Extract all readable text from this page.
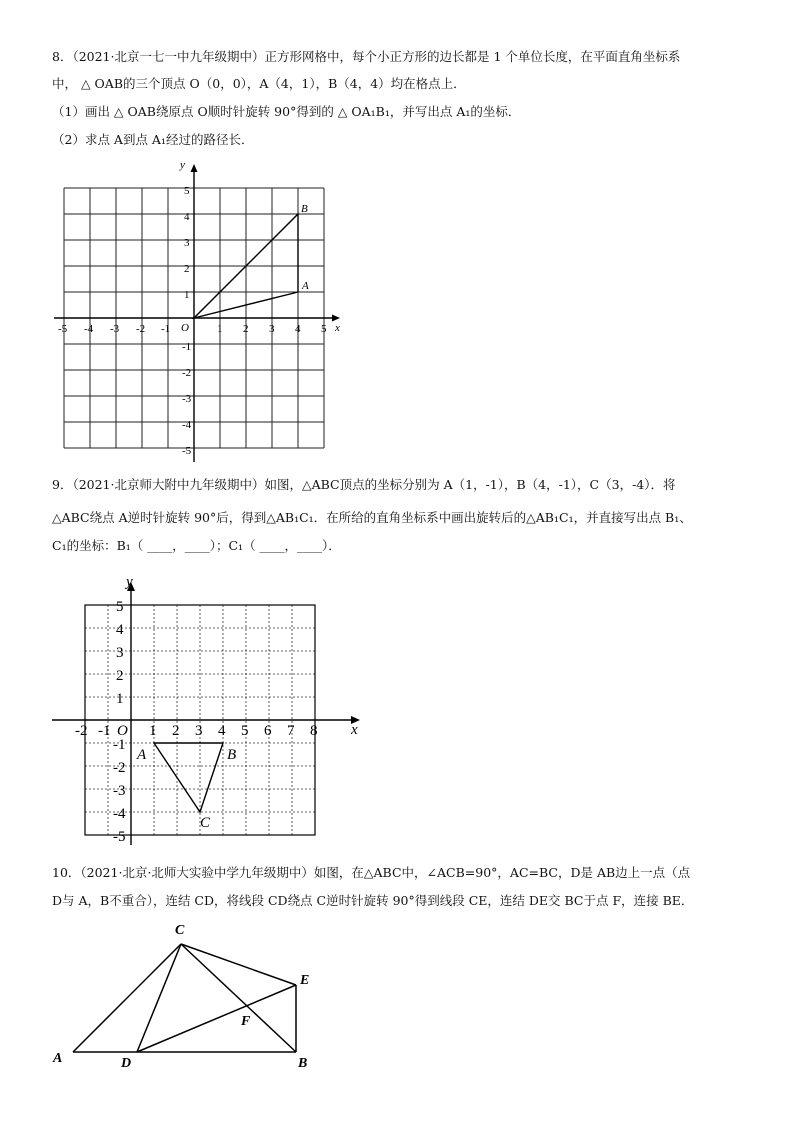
8．（2021·北京一七一中九年级期中）正方形网格中，每个小正方形的边长都是 1 个单位长度，在平面直角坐标系
中， △ OAB的三个顶点 O（0，0），A（4，1），B（4，4）均在格点上．
（1）画出 △ OAB绕原点 O顺时针旋转 90°得到的 △ OA₁B₁，并写出点 A₁的坐标．
（2）求点 A到点 A₁经过的路径长．
y
x
O
B
A
-5 -4 -3 -2 -1	1 2 3 4 5
5
4
3
2
1
-1
-2
-3
-4
-5
9．（2021·北京师大附中九年级期中）如图，△ABC顶点的坐标分别为 A（1，-1），B（4，-1），C（3，-4）．将
△ABC绕点 A逆时针旋转 90°后，得到△AB₁C₁．在所给的直角坐标系中画出旋转后的△AB₁C₁，并直接写出点 B₁、
C₁的坐标：B₁（ ____，____）；C₁（ ____，____）．
y
x
O
A	B
C
-2 -1	1 2 3 4 5 6 7 8
5
4
3
2
1
-1
-2
-3
-4
-5
10．（2021·北京·北师大实验中学九年级期中）如图，在△ABC中，∠ACB=90°，AC=BC，D是 AB边上一点（点
D与 A，B不重合），连结 CD，将线段 CD绕点 C逆时针旋转 90°得到线段 CE，连结 DE交 BC于点 F，连接 BE．
C
A	D	B
E
F
